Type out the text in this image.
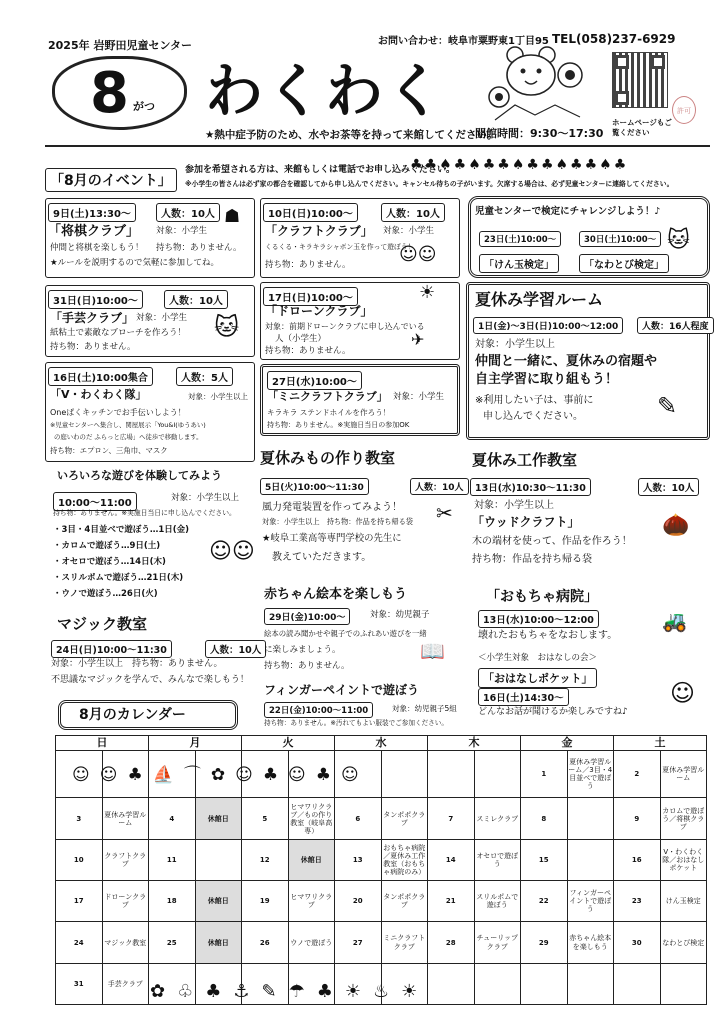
2025年 岩野田児童センター
8 がつ わくわく
お問い合わせ：岐阜市粟野東1丁目95 TEL(058)237-6929
ホームページもご覧ください
許可
★熱中症予防のため、水やお茶等を持って来館してください。
開館時間：9:30～17:30
「8月のイベント」
参加を希望される方は、来館もしくは電話でお申し込みください。
※小学生の皆さんは必ず家の都合を確認してから申し込んでください。キャンセル待ちの子がいます。欠席する場合は、必ず児童センターに連絡してください。
♣♣♠♣♠♣♣♠♣♣♠♣♣♠♣
9日(土)13:30～	人数：10人
「将棋クラブ」 対象：小学生
仲間と将棋を楽しもう！ 持ち物：ありません。
★ルールを説明するので気軽に参加してね。
☗	10日(日)10:00～	人数：10人
「クラフトクラブ」 対象：小学生
くるくる・キラキラシャボン玉を作って遊ぼう！
持ち物：ありません。	☺☺
児童センターで検定にチャレンジしよう！♪
23日(土)10:00～	30日(土)10:00～
「けん玉検定」	「なわとび検定」
🐱
31日(日)10:00～	人数：10人
「手芸クラブ」 対象：小学生
紙粘土で素敵なブローチを作ろう！
持ち物：ありません。
🐱
17日(日)10:00～
「ドローンクラブ」
対象：前期ドローンクラブに申し込んでいる
人（小学生）
持ち物：ありません。
☀
✈
夏休み学習ルーム
1日(金)～3日(日)10:00～12:00	人数：16人程度
対象：小学生以上
仲間と一緒に、夏休みの宿題や
自主学習に取り組もう！
※利用したい子は、事前に
申し込んでください。	✎
16日(土)10:00集合	人数：5人
「V・わくわく隊」	対象：小学生以上
Oneぱくキッチンでお手伝いしよう！
※児童センターへ集合し、関屋展示「You&I(ゆうあい)
の庭いわのだ ふらっと広場」へ徒歩で移動します。
持ち物：エプロン、三角巾、マスク
27日(水)10:00～
「ミニクラフトクラブ」 対象：小学生
キラキラ ステンドホイルを作ろう！
持ち物：ありません。※実施日当日の参加OK
いろいろな遊びを体験してみよう
10:00～11:00	対象：小学生以上
持ち物：ありません。※実施日当日に申し込んでください。
・3目・4目並べで遊ぼう…1日(金)
・カロムで遊ぼう…9日(土)
・オセロで遊ぼう…14日(木)
・スリルポムで遊ぼう…21日(木)
・ウノで遊ぼう…26日(火)
☺☺
夏休みもの作り教室
5日(火)10:00～11:30	人数：10人
風力発電装置を作ってみよう！
対象：小学生以上　持ち物：作品を持ち帰る袋
★岐阜工業高等専門学校の先生に
教えていただきます。
✂
夏休み工作教室
13日(水)10:30～11:30	人数：10人
対象：小学生以上
「ウッドクラフト」
木の端材を使って、作品を作ろう！
持ち物：作品を持ち帰る袋
🌰
マジック教室
24日(日)10:00～11:30	人数：10人
対象：小学生以上　持ち物：ありません。
不思議なマジックを学んで、みんなで楽しもう！
赤ちゃん絵本を楽しもう
29日(金)10:00～	対象：幼児親子
絵本の読み聞かせや親子でのふれあい遊びを一緒
に楽しみましょう。
持ち物：ありません。
📖
フィンガーペイントで遊ぼう
22日(金)10:00～11:00	対象：幼児親子5組
持ち物：ありません。※汚れてもよい服装でご参加ください。
「おもちゃ病院」
13日(水)10:00～12:00
壊れたおもちゃをなおします。
🚜
＜小学生対象　おはなしの会＞
「おはなしポケット」
16日(土)14:30～
どんなお話が聞けるか楽しみですね♪
☺
8月のカレンダー
日		月		火		水		木		金		土	
										1	夏休み学習ルーム／3目・4目並べで遊ぼう	2	夏休み学習ルーム
3	夏休み学習ルーム	4	休館日	5	ヒマワリクラブ／もの作り教室（岐阜高専）	6	タンポポクラブ	7	スミレクラブ	8		9	カロムで遊ぼう／将棋クラブ
10	クラフトクラブ	11		12	休館日	13	おもちゃ病院／夏休み工作教室（おもちゃ病院のみ）	14	オセロで遊ぼう	15		16	V・わくわく隊／おはなしポケット
17	ドローンクラブ	18	休館日	19	ヒマワリクラブ	20	タンポポクラブ	21	スリルポムで遊ぼう	22	フィンガーペイントで遊ぼう	23	けん玉検定
24	マジック教室	25	休館日	26	ウノで遊ぼう	27	ミニクラフトクラブ	28	チューリップクラブ	29	赤ちゃん絵本を楽しもう	30	なわとび検定
31	手芸クラブ												
☺☺♣⛵⌒✿☺♣☺♣☺
✿♧♣⚓✎☂♣☀♨☀
